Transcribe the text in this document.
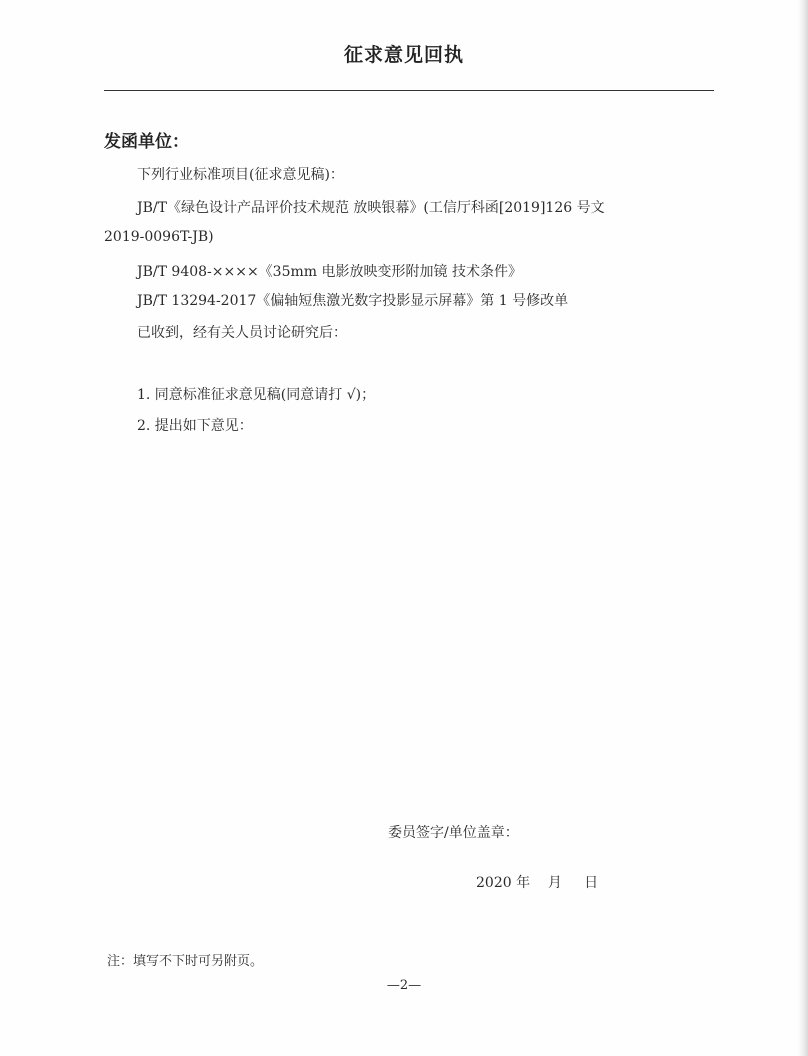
征求意见回执
发函单位：
下列行业标准项目(征求意见稿)：
JB/T《绿色设计产品评价技术规范 放映银幕》(工信厅科函[2019]126 号文
2019-0096T-JB)
JB/T 9408-××××《35mm 电影放映变形附加镜 技术条件》
JB/T 13294-2017《偏轴短焦激光数字投影显示屏幕》第 1 号修改单
已收到，经有关人员讨论研究后：
1. 同意标准征求意见稿(同意请打 √)；
2. 提出如下意见：
委员签字/单位盖章：
2020 年    月     日
注：填写不下时可另附页。
—2—
